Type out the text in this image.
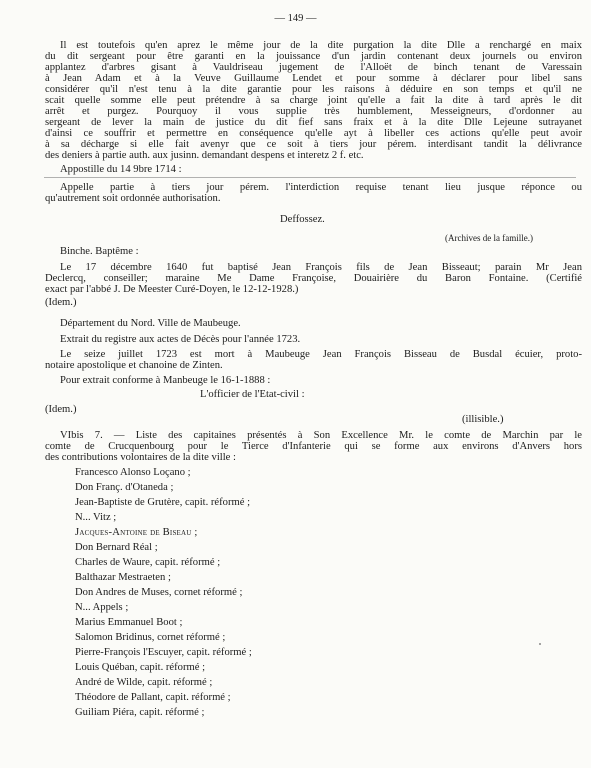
— 149 —
Il est toutefois qu'en aprez le même jour de la dite purgation la dite Dlle a renchargé en maix
du dit sergeant pour être garanti en la jouissance d'un jardin contenant deux journels ou environ
applantez d'arbres gisant à Vauldriseau jugement de l'Alloët de binch tenant de Varessain
à Jean Adam et à la Veuve Guillaume Lendet et pour somme à déclarer pour libel sans
considérer qu'il n'est tenu à la dite garantie pour les raisons à déduire en son temps et qu'il ne
scait quelle somme elle peut prétendre à sa charge joint qu'elle a fait la dite à tard après le dit
arrêt et purgez. Pourquoy il vous supplie très humblement, Messeigneurs, d'ordonner au
sergeant de lever la main de justice du dit fief sans fraix et à la dite Dlle Lejeune sutrayanet
d'ainsi ce souffrir et permettre en conséquence qu'elle ayt à libeller ces actions qu'elle peut avoir
à sa décharge si elle fait avenyr que ce soit à tiers jour pérem. interdisant tandit la délivrance
des deniers à partie auth. aux jusinn. demandant despens et interetz 2 f. etc.
Appostille du 14 9bre 1714 :
Appelle partie à tiers jour pérem. l'interdiction requise tenant lieu jusque réponce ou
qu'autrement soit ordonnée authorisation.
Deffossez.
(Archives de la famille.)
Binche. Baptême :
Le 17 décembre 1640 fut baptisé Jean François fils de Jean Bisseaut; parain Mr Jean
Declercq, conseiller; maraine Me Dame Françoise, Douairière du Baron Fontaine. (Certifié
exact par l'abbé J. De Meester Curé-Doyen, le 12-12-1928.)
(Idem.)
Département du Nord. Ville de Maubeuge.
Extrait du registre aux actes de Décès pour l'année 1723.
Le seize juillet 1723 est mort à Maubeuge Jean François Bisseau de Busdal écuier, proto-
notaire apostolique et chanoine de Zinten.
Pour extrait conforme à Manbeuge le 16-1-1888 :
L'officier de l'Etat-civil :
(Idem.)
(illisible.)
VIbis 7. — Liste des capitaines présentés à Son Excellence Mr. le comte de Marchin par le
comte de Crucquenbourg pour le Tierce d'Infanterie qui se forme aux environs d'Anvers hors
des contributions volontaires de la dite ville :
Francesco Alonso Loçano ;
Don Franç. d'Otaneda ;
Jean-Baptiste de Grutère, capit. réformé ;
N... Vitz ;
Jacques-Antoine de Biseau ;
Don Bernard Réal ;
Charles de Waure, capit. réformé ;
Balthazar Mestraeten ;
Don Andres de Muses, cornet réformé ;
N... Appels ;
Marius Emmanuel Boot ;
Salomon Bridinus, cornet réformé ;
Pierre-François l'Escuyer, capit. réformé ;
Louis Québan, capit. réformé ;
André de Wilde, capit. réformé ;
Théodore de Pallant, capit. réformé ;
Guiliam Piéra, capit. réformé ;
